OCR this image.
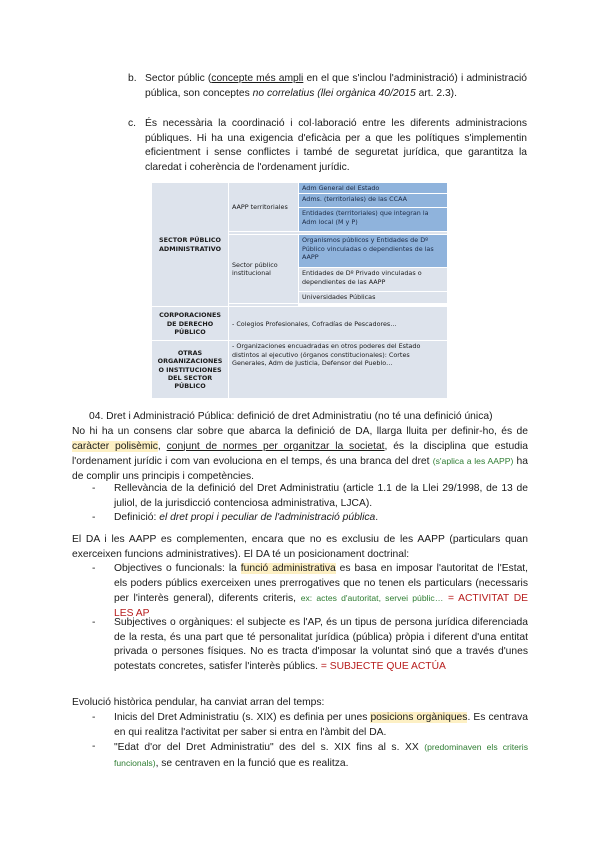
b. Sector públic (concepte més ampli en el que s'inclou l'administració) i administració pública, son conceptes no correlatius (llei orgànica 40/2015 art. 2.3).
c. És necessària la coordinació i col·laboració entre les diferents administracions públiques. Hi ha una exigencia d'eficàcia per a que les polítiques s'implementin eficientment i sense conflictes i també de seguretat jurídica, que garantitza la claredat i coherència de l'ordenament jurídic.
SECTOR PÚBLICO ADMINISTRATIVO	AAPP territoriales	Adm General del Estado
		Adms. (territoriales) de las CCAA
		Entidades (territoriales) que integran la Adm local (M y P)

	Sector público institucional	Organismos públicos y Entidades de Dº Público vinculadas o dependientes de las AAPP
		Entidades de Dº Privado vinculadas o dependientes de las AAPP
		Universidades Públicas

CORPORACIONES DE DERECHO PÚBLICO	- Colegios Profesionales, Cofradías de Pescadores…	
OTRAS ORGANIZACIONES O INSTITUCIONES DEL SECTOR PÚBLICO	- Organizaciones encuadradas en otros poderes del Estado distintos al ejecutivo (órganos constitucionales): Cortes Generales, Adm de Justicia, Defensor del Pueblo…	
04. Dret i Administració Pública: definició de dret Administratiu (no té una definició única)
No hi ha un consens clar sobre que abarca la definició de DA, llarga lluita per definir-ho, és de caràcter polisèmic, conjunt de normes per organitzar la societat, és la disciplina que estudia l'ordenament jurídic i com van evoluciona en el temps, és una branca del dret (s'aplica a les AAPP) ha de complir uns principis i competències.
- Rellevància de la definició del Dret Administratiu (article 1.1 de la Llei 29/1998, de 13 de juliol, de la jurisdicció contenciosa administrativa, LJCA).
- Definició: el dret propi i peculiar de l'administració pública.
El DA i les AAPP es complementen, encara que no es exclusiu de les AAPP (particulars quan exerceixen funcions administratives). El DA té un posicionament doctrinal:
- Objectives o funcionals: la funció administrativa es basa en imposar l'autoritat de l'Estat, els poders públics exerceixen unes prerrogatives que no tenen els particulars (necessaris per l'interès general), diferents criteris, ex: actes d'autoritat, servei públic… = ACTIVITAT DE LES AP
- Subjectives o orgàniques: el subjecte es l'AP, és un tipus de persona jurídica diferenciada de la resta, és una part que té personalitat jurídica (pública) pròpia i diferent d'una entitat privada o persones físiques. No es tracta d'imposar la voluntat sinó que a través d'unes potestats concretes, satisfer l'interès públics. = SUBJECTE QUE ACTÚA
Evolució històrica pendular, ha canviat arran del temps:
- Inicis del Dret Administratiu (s. XIX) es definia per unes posicions orgàniques. Es centrava en qui realitza l'activitat per saber si entra en l'àmbit del DA.
- "Edat d'or del Dret Administratiu" des del s. XIX fins al s. XX (predominaven els criteris funcionals), se centraven en la funció que es realitza.
